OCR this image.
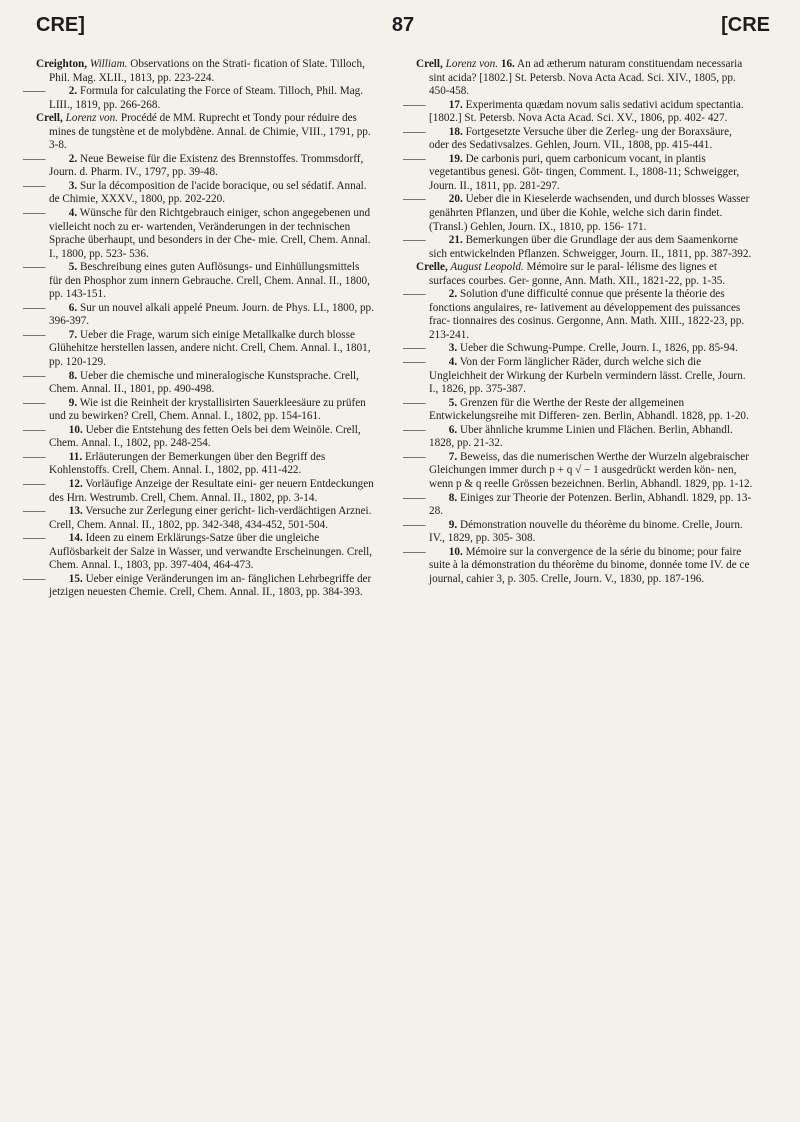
CRE]	87	[CRE

Creighton, William. Observations on the Strati- fication of Slate. Tilloch, Phil. Mag. XLII., 1813, pp. 223-224.

—— 2. Formula for calculating the Force of Steam. Tilloch, Phil. Mag. LIII., 1819, pp. 266-268.

Crell, Lorenz von. Procédé de MM. Ruprecht et Tondy pour réduire des mines de tungstène et de molybdène. Annal. de Chimie, VIII., 1791, pp. 3-8.

—— 2. Neue Beweise für die Existenz des Brennstoffes. Trommsdorff, Journ. d. Pharm. IV., 1797, pp. 39-48.

—— 3. Sur la décomposition de l'acide boracique, ou sel sédatif. Annal. de Chimie, XXXV., 1800, pp. 202-220.

—— 4. Wünsche für den Richtgebrauch einiger, schon angegebenen und vielleicht noch zu er- wartenden, Veränderungen in der technischen Sprache überhaupt, und besonders in der Che- mie. Crell, Chem. Annal. I., 1800, pp. 523- 536.

—— 5. Beschreibung eines guten Auflösungs- und Einhüllungsmittels für den Phosphor zum innern Gebrauche. Crell, Chem. Annal. II., 1800, pp. 143-151.

—— 6. Sur un nouvel alkali appelé Pneum. Journ. de Phys. LI., 1800, pp. 396-397.

—— 7. Ueber die Frage, warum sich einige Metallkalke durch blosse Glühehitze herstellen lassen, andere nicht. Crell, Chem. Annal. I., 1801, pp. 120-129.

—— 8. Ueber die chemische und mineralogische Kunstsprache. Crell, Chem. Annal. II., 1801, pp. 490-498.

—— 9. Wie ist die Reinheit der krystallisirten Sauerkleesäure zu prüfen und zu bewirken? Crell, Chem. Annal. I., 1802, pp. 154-161.

—— 10. Ueber die Entstehung des fetten Oels bei dem Weinöle. Crell, Chem. Annal. I., 1802, pp. 248-254.

—— 11. Erläuterungen der Bemerkungen über den Begriff des Kohlenstoffs. Crell, Chem. Annal. I., 1802, pp. 411-422.

—— 12. Vorläufige Anzeige der Resultate eini- ger neuern Entdeckungen des Hrn. Westrumb. Crell, Chem. Annal. II., 1802, pp. 3-14.

—— 13. Versuche zur Zerlegung einer gericht- lich-verdächtigen Arznei. Crell, Chem. Annal. II., 1802, pp. 342-348, 434-452, 501-504.

—— 14. Ideen zu einem Erklärungs-Satze über die ungleiche Auflösbarkeit der Salze in Wasser, und verwandte Erscheinungen. Crell, Chem. Annal. I., 1803, pp. 397-404, 464-473.

—— 15. Ueber einige Veränderungen im an- fänglichen Lehrbegriffe der jetzigen neuesten Chemie. Crell, Chem. Annal. II., 1803, pp. 384-393.

Crell, Lorenz von. 16. An ad ætherum naturam constituendam necessaria sint acida? [1802.] St. Petersb. Nova Acta Acad. Sci. XIV., 1805, pp. 450-458.

—— 17. Experimenta quædam novum salis sedativi acidum spectantia. [1802.] St. Petersb. Nova Acta Acad. Sci. XV., 1806, pp. 402- 427.

—— 18. Fortgesetzte Versuche über die Zerleg- ung der Boraxsäure, oder des Sedativsalzes. Gehlen, Journ. VII., 1808, pp. 415-441.

—— 19. De carbonis puri, quem carbonicum vocant, in plantis vegetantibus genesi. Göt- tingen, Comment. I., 1808-11; Schweigger, Journ. II., 1811, pp. 281-297.

—— 20. Ueber die in Kieselerde wachsenden, und durch blosses Wasser genährten Pflanzen, und über die Kohle, welche sich darin findet. (Transl.) Gehlen, Journ. IX., 1810, pp. 156- 171.

—— 21. Bemerkungen über die Grundlage der aus dem Saamenkorne sich entwickelnden Pflanzen. Schweigger, Journ. II., 1811, pp. 387-392.

Crelle, August Leopold. Mémoire sur le paral- lélisme des lignes et surfaces courbes. Ger- gonne, Ann. Math. XII., 1821-22, pp. 1-35.

—— 2. Solution d'une difficulté connue que présente la théorie des fonctions angulaires, re- lativement au développement des puissances frac- tionnaires des cosinus. Gergonne, Ann. Math. XIII., 1822-23, pp. 213-241.

—— 3. Ueber die Schwung-Pumpe. Crelle, Journ. I., 1826, pp. 85-94.

—— 4. Von der Form länglicher Räder, durch welche sich die Ungleichheit der Wirkung der Kurbeln vermindern lässt. Crelle, Journ. I., 1826, pp. 375-387.

—— 5. Grenzen für die Werthe der Reste der allgemeinen Entwickelungsreihe mit Differen- zen. Berlin, Abhandl. 1828, pp. 1-20.

—— 6. Uber ähnliche krumme Linien und Flächen. Berlin, Abhandl. 1828, pp. 21-32.

—— 7. Beweiss, das die numerischen Werthe der Wurzeln algebraischer Gleichungen immer durch p + q √ − 1 ausgedrückt werden kön- nen, wenn p & q reelle Grössen bezeichnen. Berlin, Abhandl. 1829, pp. 1-12.

—— 8. Einiges zur Theorie der Potenzen. Berlin, Abhandl. 1829, pp. 13-28.

—— 9. Démonstration nouvelle du théorème du binome. Crelle, Journ. IV., 1829, pp. 305- 308.

—— 10. Mémoire sur la convergence de la série du binome; pour faire suite à la démonstration du théorème du binome, donnée tome IV. de ce journal, cahier 3, p. 305. Crelle, Journ. V., 1830, pp. 187-196.
